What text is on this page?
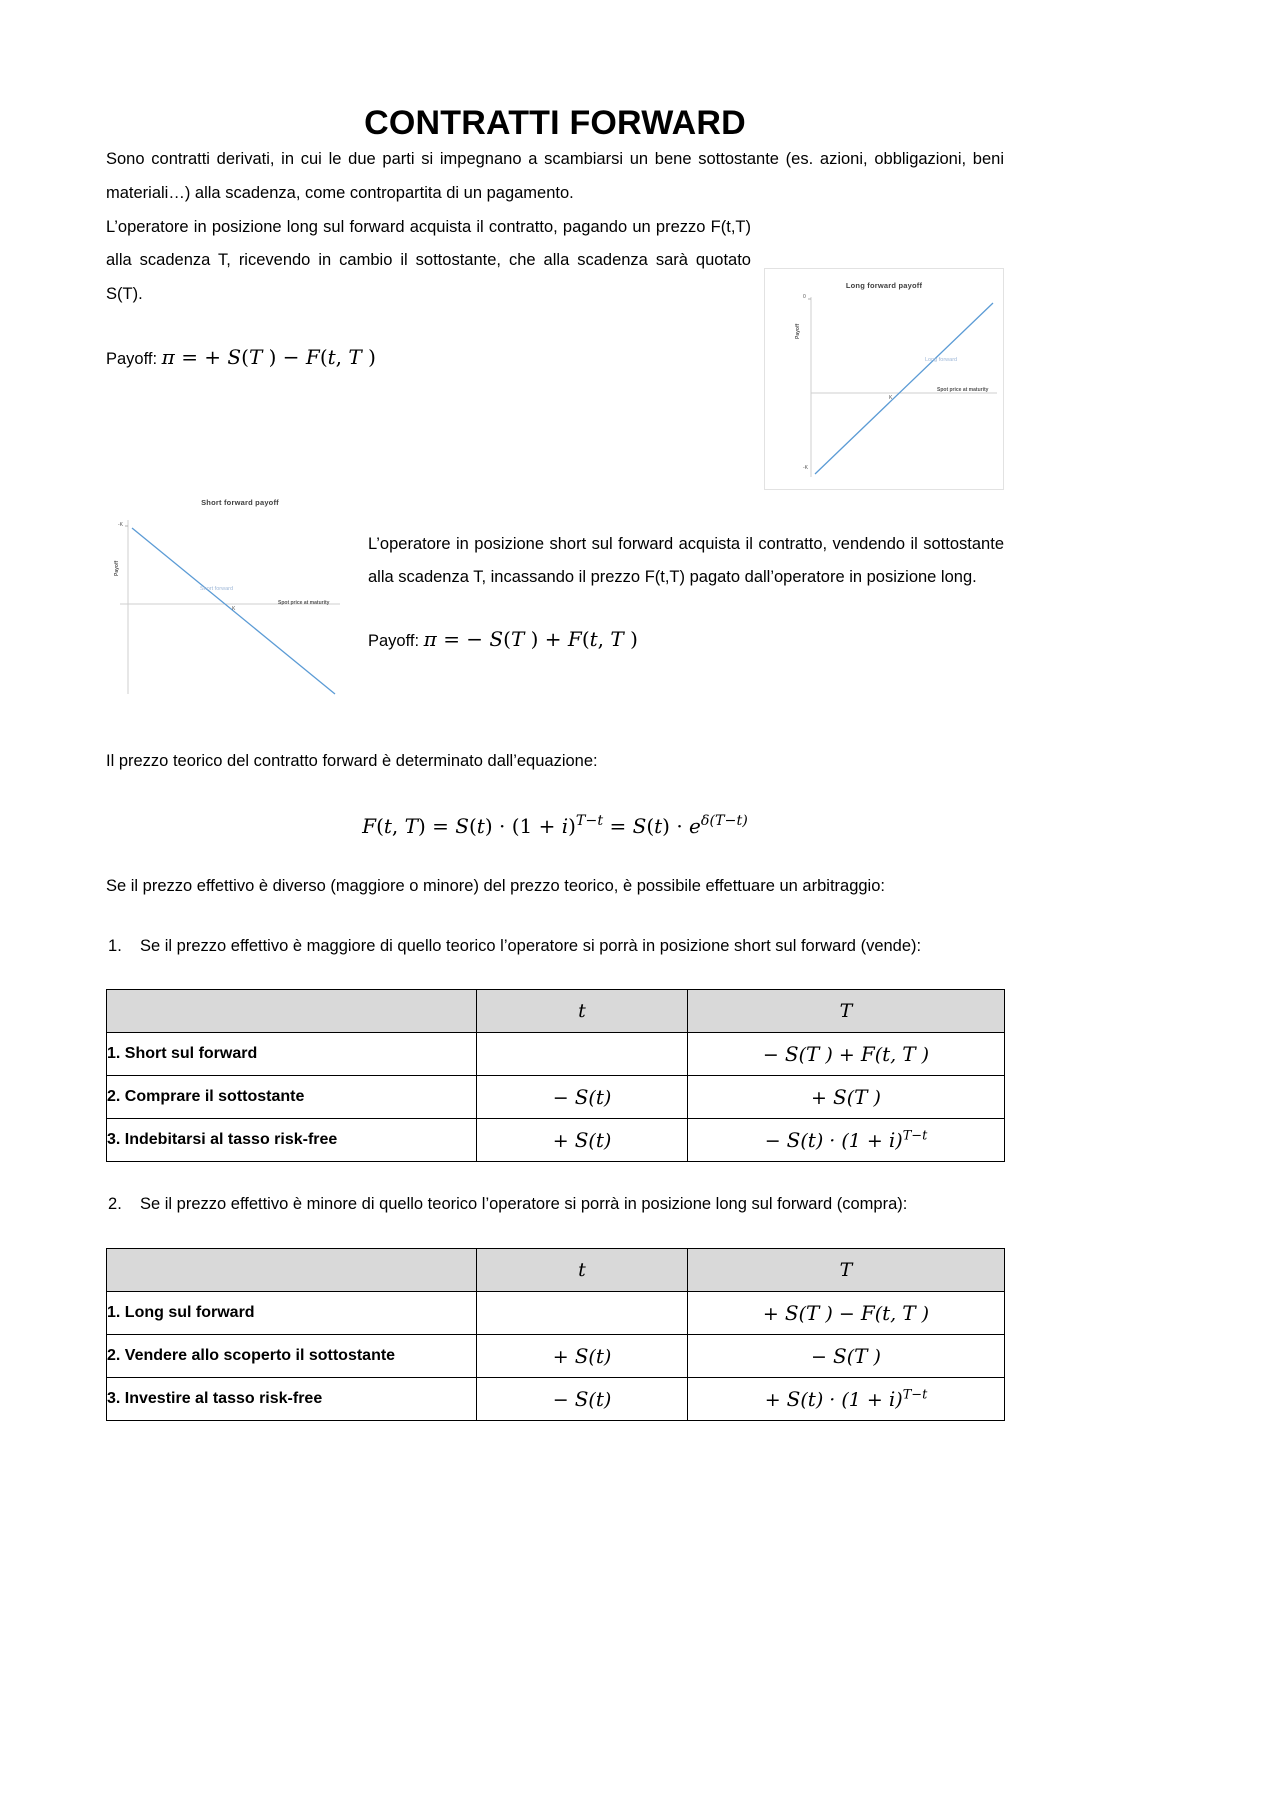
CONTRATTI FORWARD

Sono contratti derivati, in cui le due parti si impegnano a scambiarsi un bene sottostante (es. azioni, obbligazioni, beni materiali…) alla scadenza, come contropartita di un pagamento.

L’operatore in posizione long sul forward acquista il contratto, pagando un prezzo F(t,T) alla scadenza T, ricevendo in cambio il sottostante, che alla scadenza sarà quotato S(T).

Payoff: π = + S(T ) − F(t, T )
Long forward payoff
Payoff
0
Long forward
Spot price at maturity
K
-K
Short forward payoff
Payoff
-K
Short forward
Spot price at maturity
K

L’operatore in posizione short sul forward acquista il contratto, vendendo il sottostante alla scadenza T, incassando il prezzo F(t,T) pagato dall’operatore in posizione long.

Payoff: π = − S(T ) + F(t, T )

Il prezzo teorico del contratto forward è determinato dall’equazione:

F(t, $T) = S(t) \cdot (1 + i)^{T-t} = S(t) \cdot e^{\delta(T-t)}$

Se il prezzo effettivo è diverso (maggiore o minore) del prezzo teorico, è possibile effettuare un arbitraggio:

Se il prezzo effettivo è maggiore di quello teorico l’operatore si porrà in posizione short sul forward (vende):
	t	T
1. Short sul forward		− S(T ) + F(t, T )
2. Comprare il sottostante	− S(t)	+ S(T )
3. Indebitarsi al tasso risk-free	+ S(t)	− $S(t) \cdot (1 + i)^{T-t}$
Se il prezzo effettivo è minore di quello teorico l’operatore si porrà in posizione long sul forward (compra):
	t	T
1. Long sul forward		+ S(T ) − F(t, T )
2. Vendere allo scoperto il sottostante	+ S(t)	− S(T )
3. Investire al tasso risk-free	− S(t)	+ $S(t) \cdot (1 + i)^{T-t}$
